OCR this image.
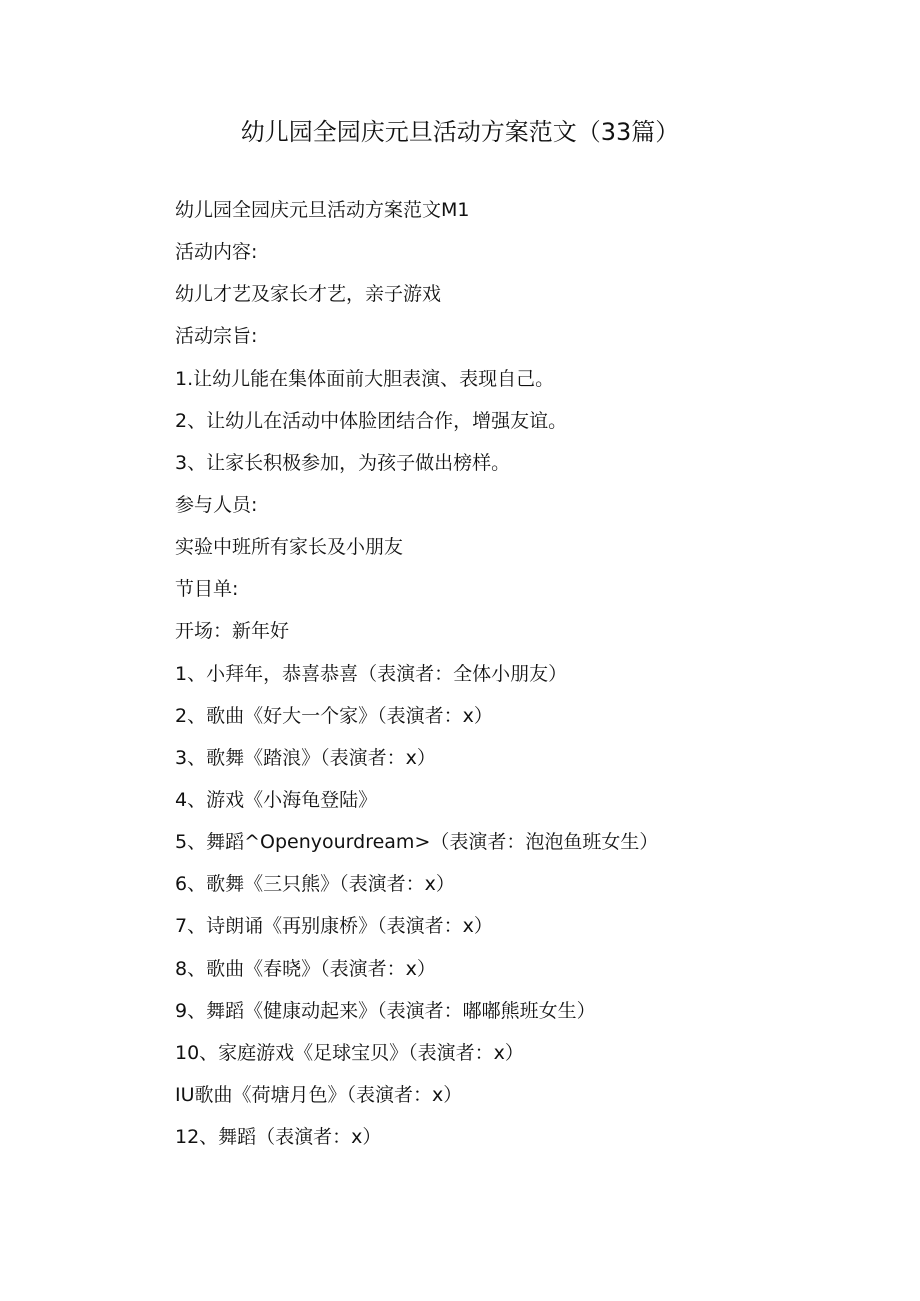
幼儿园全园庆元旦活动方案范文（33篇）
幼儿园全园庆元旦活动方案范文M1
活动内容:
幼儿才艺及家长才艺，亲子游戏
活动宗旨:
1.让幼儿能在集体面前大胆表演、表现自己。
2、让幼儿在活动中体脸团结合作，增强友谊。
3、让家长积极参加，为孩子做出榜样。
参与人员:
实验中班所有家长及小朋友
节目单:
开场：新年好
1、小拜年，恭喜恭喜（表演者：全体小朋友）
2、歌曲《好大一个家》（表演者：x）
3、歌舞《踏浪》（表演者：x）
4、游戏《小海龟登陆》
5、舞蹈^Openyourdream>（表演者：泡泡鱼班女生）
6、歌舞《三只熊》（表演者：x）
7、诗朗诵《再别康桥》（表演者：x）
8、歌曲《春晓》（表演者：x）
9、舞蹈《健康动起来》（表演者：嘟嘟熊班女生）
10、家庭游戏《足球宝贝》（表演者：x）
IU歌曲《荷塘月色》（表演者：x）
12、舞蹈（表演者：x）
